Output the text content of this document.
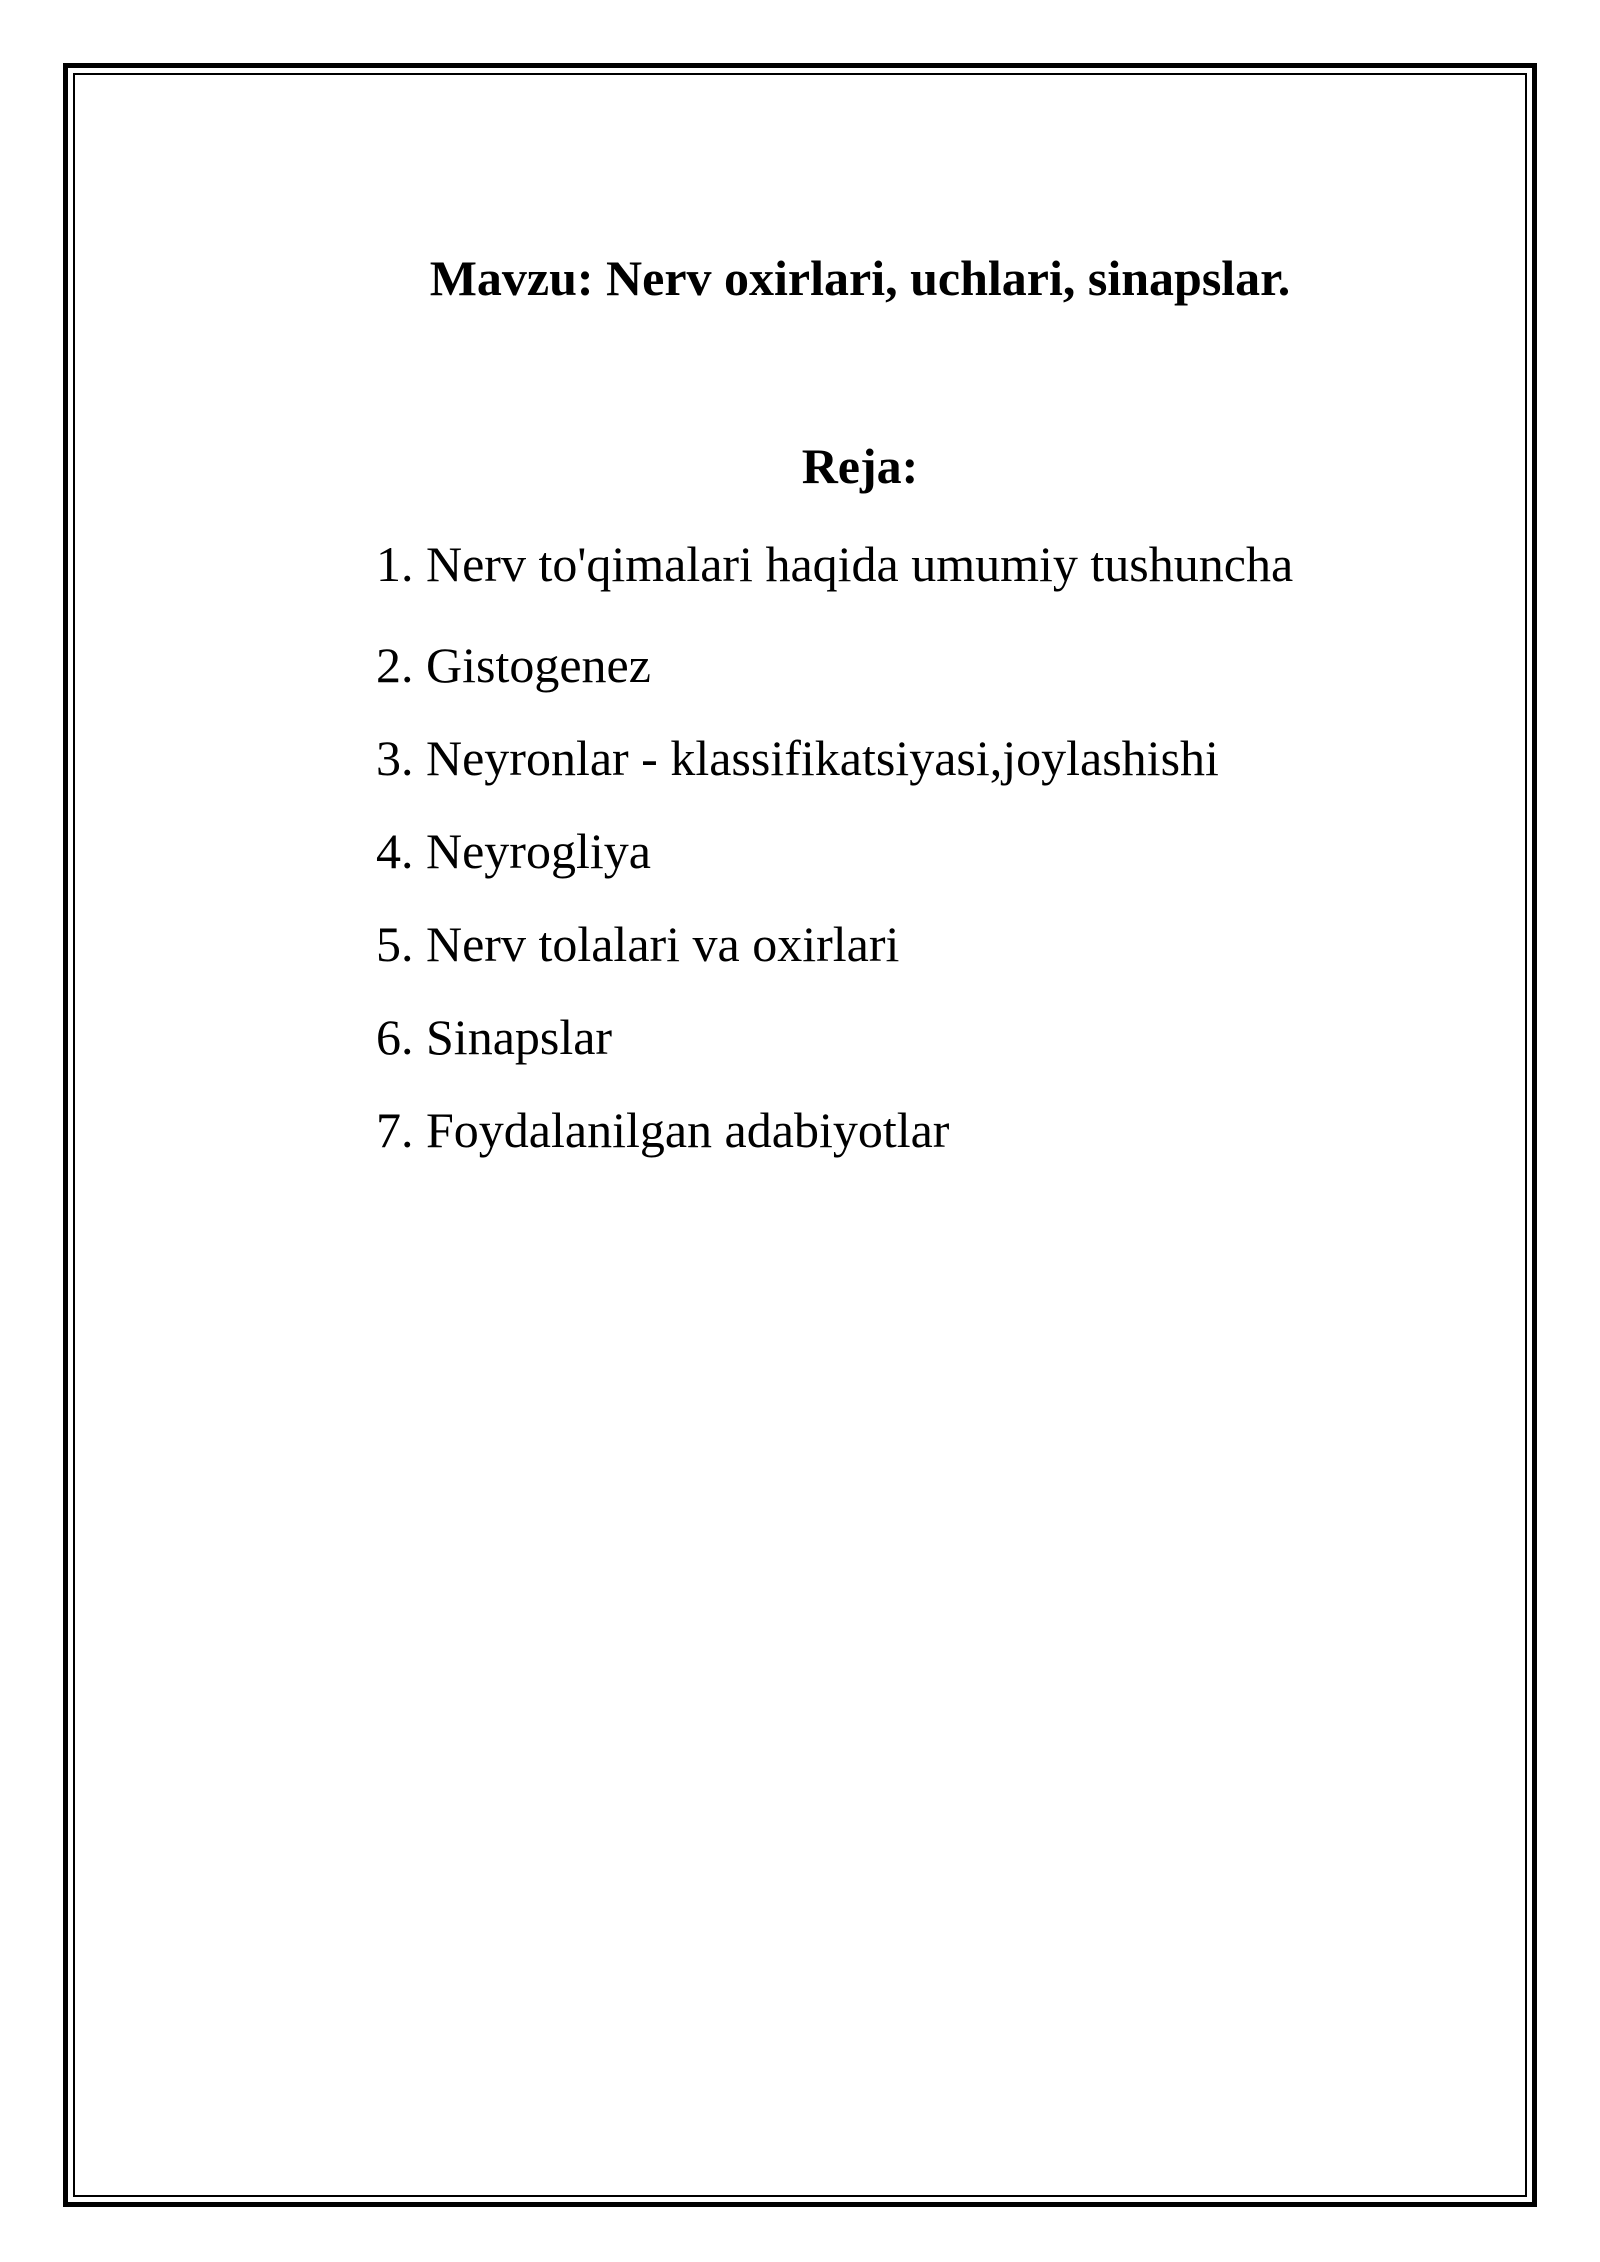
Mavzu: Nerv oxirlari, uchlari, sinapslar.
Reja:
1. Nerv to'qimalari haqida umumiy tushuncha
2. Gistogenez
3. Neyronlar - klassifikatsiyasi,joylashishi
4. Neyrogliya
5. Nerv tolalari va oxirlari
6. Sinapslar
7. Foydalanilgan adabiyotlar
